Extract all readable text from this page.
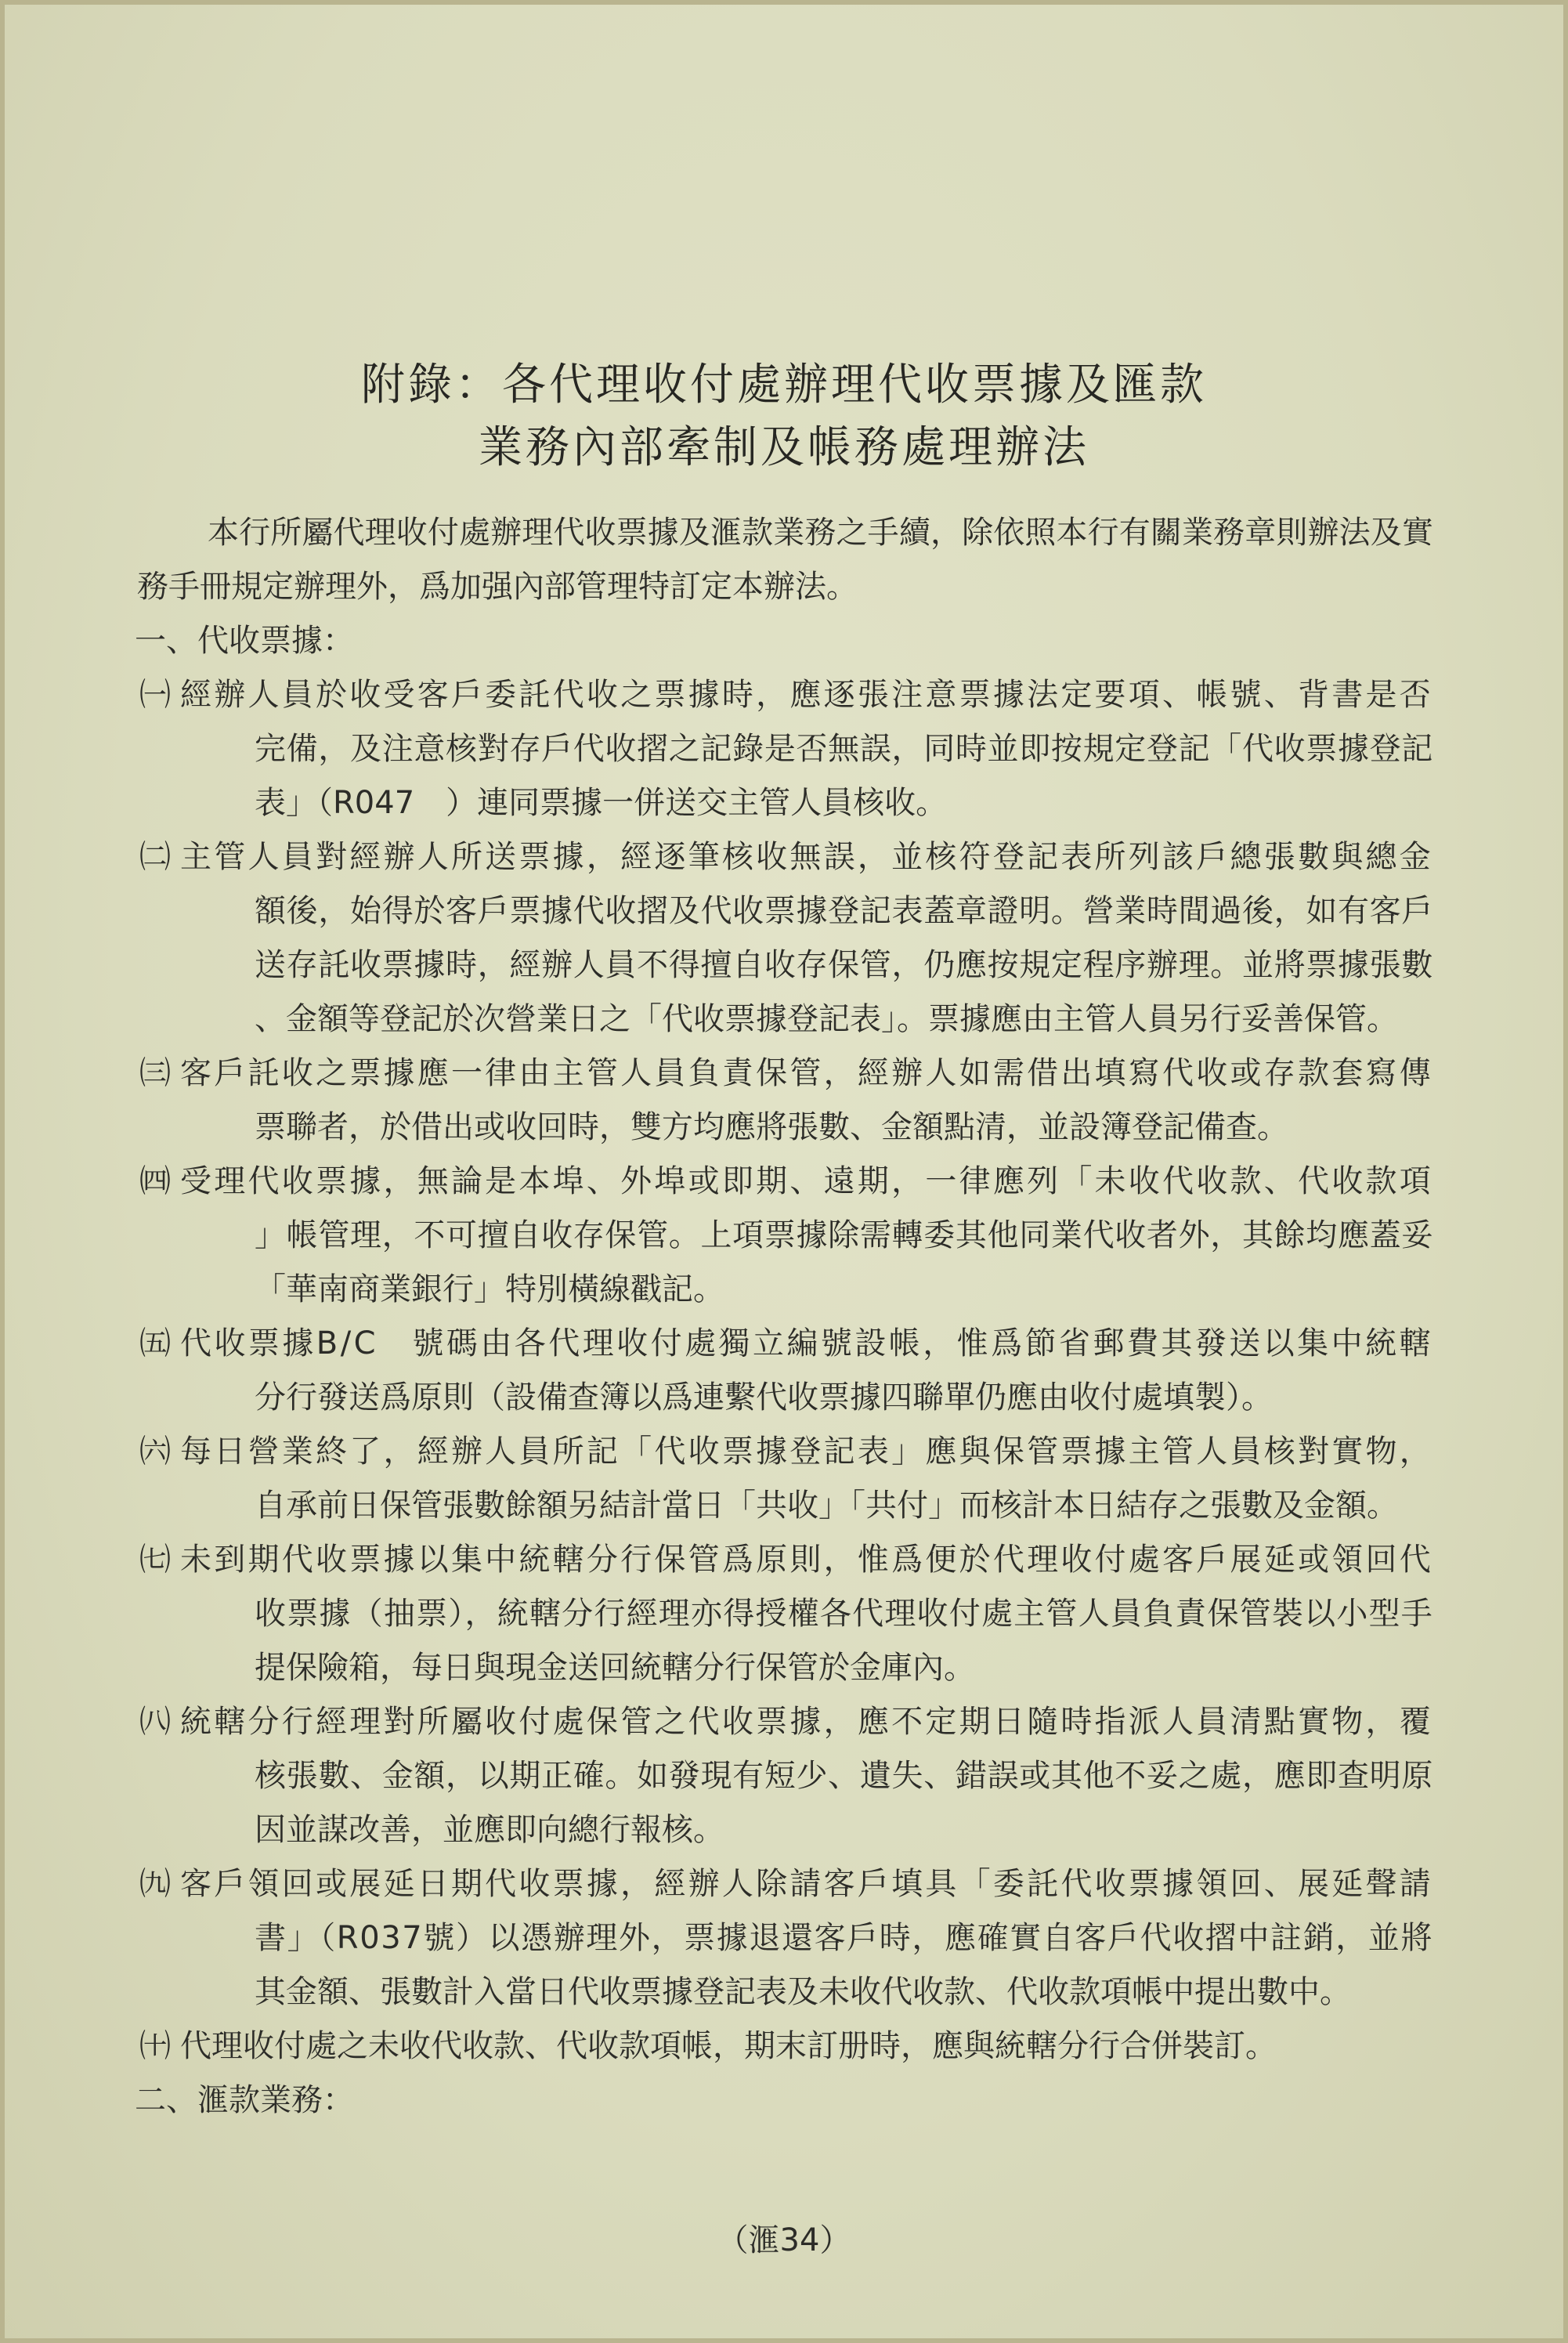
附錄：各代理收付處辦理代收票據及匯款
業務內部牽制及帳務處理辦法
本行所屬代理收付處辦理代收票據及滙款業務之手續，除依照本行有關業務章則辦法及實
務手冊規定辦理外，爲加强內部管理特訂定本辦法。
一、代收票據：
㈠ 經辦人員於收受客戶委託代收之票據時，應逐張注意票據法定要項、帳號、背書是否
完備，及注意核對存戶代收摺之記錄是否無誤，同時並即按規定登記「代收票據登記
表」（R047　）連同票據一併送交主管人員核收。
㈡ 主管人員對經辦人所送票據，經逐筆核收無誤，並核符登記表所列該戶總張數與總金
額後，始得於客戶票據代收摺及代收票據登記表蓋章證明。營業時間過後，如有客戶
送存託收票據時，經辦人員不得擅自收存保管，仍應按規定程序辦理。並將票據張數
、金額等登記於次營業日之「代收票據登記表」。票據應由主管人員另行妥善保管。
㈢ 客戶託收之票據應一律由主管人員負責保管，經辦人如需借出填寫代收或存款套寫傳
票聯者，於借出或收回時，雙方均應將張數、金額點清，並設簿登記備查。
㈣ 受理代收票據，無論是本埠、外埠或即期、遠期，一律應列「未收代收款、代收款項
」帳管理，不可擅自收存保管。上項票據除需轉委其他同業代收者外，其餘均應蓋妥
「華南商業銀行」特別橫線戳記。
㈤ 代收票據B/C　號碼由各代理收付處獨立編號設帳，惟爲節省郵費其發送以集中統轄
分行發送爲原則（設備查簿以爲連繫代收票據四聯單仍應由收付處填製）。
㈥ 每日營業終了，經辦人員所記「代收票據登記表」應與保管票據主管人員核對實物，
自承前日保管張數餘額另結計當日「共收」「共付」而核計本日結存之張數及金額。
㈦ 未到期代收票據以集中統轄分行保管爲原則，惟爲便於代理收付處客戶展延或領回代
收票據（抽票），統轄分行經理亦得授權各代理收付處主管人員負責保管裝以小型手
提保險箱，每日與現金送回統轄分行保管於金庫內。
㈧ 統轄分行經理對所屬收付處保管之代收票據，應不定期日隨時指派人員清點實物，覆
核張數、金額，以期正確。如發現有短少、遺失、錯誤或其他不妥之處，應即查明原
因並謀改善，並應即向總行報核。
㈨ 客戶領回或展延日期代收票據，經辦人除請客戶填具「委託代收票據領回、展延聲請
書」（R037號）以憑辦理外，票據退還客戶時，應確實自客戶代收摺中註銷，並將
其金額、張數計入當日代收票據登記表及未收代收款、代收款項帳中提出數中。
㈩ 代理收付處之未收代收款、代收款項帳，期末訂册時，應與統轄分行合併裝訂。
二、滙款業務：
（滙34）
